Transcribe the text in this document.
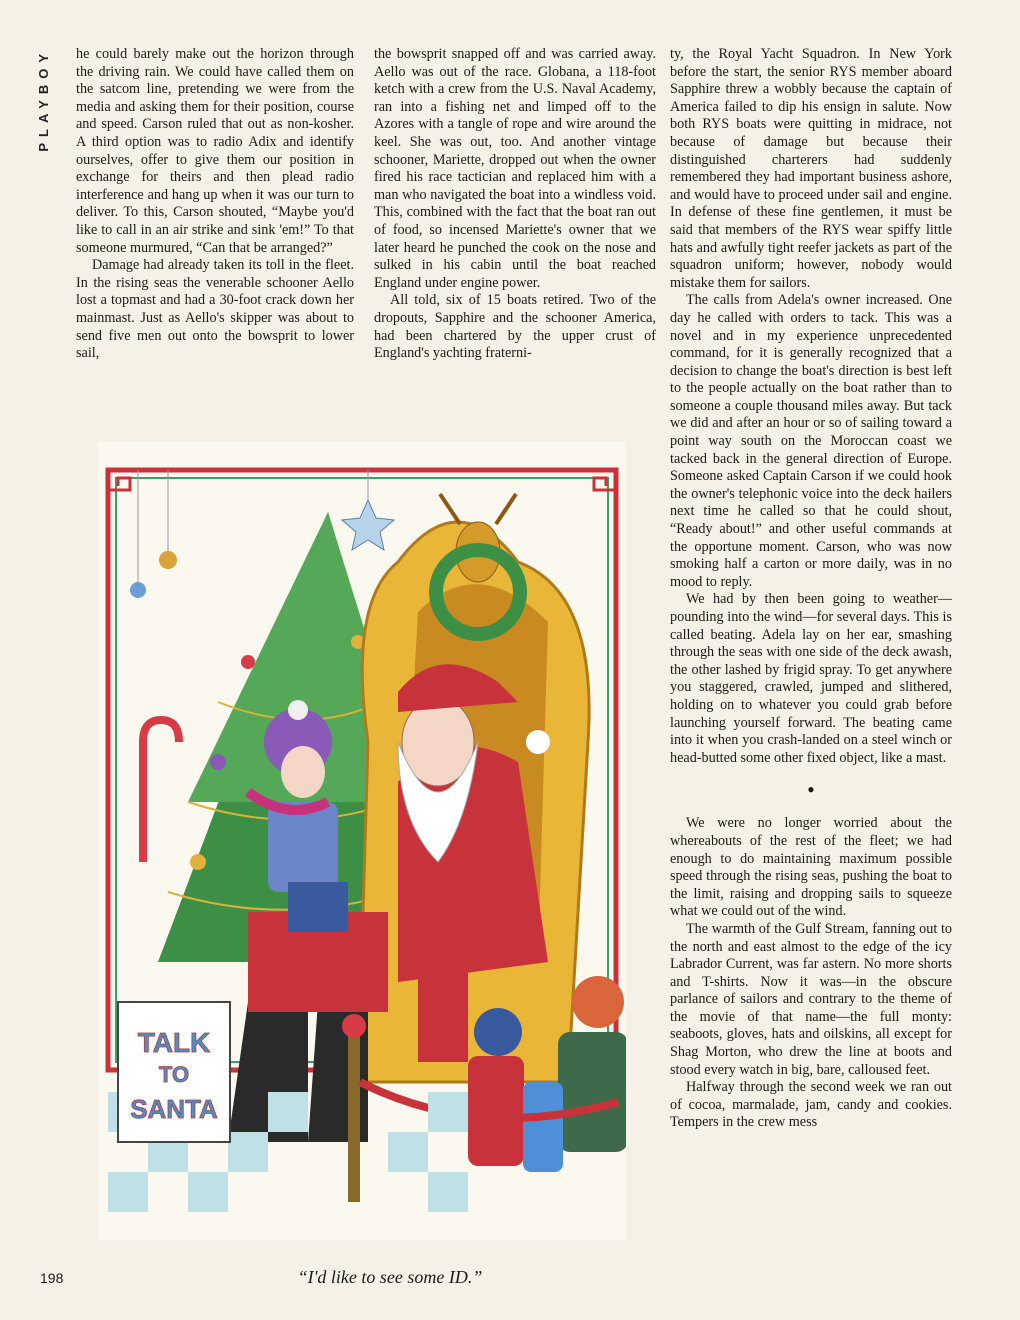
PLAYBOY	he could barely make out the horizon through the driving rain. We could have called them on the satcom line, pretending we were from the media and asking them for their position, course and speed. Carson ruled that out as non-kosher. A third option was to radio Adix and identify ourselves, offer to give them our position in exchange for theirs and then plead radio interference and hang up when it was our turn to deliver. To this, Carson shouted, “Maybe you'd like to call in an air strike and sink 'em!” To that someone murmured, “Can that be arranged?”

Damage had already taken its toll in the fleet. In the rising seas the venerable schooner Aello lost a topmast and had a 30-foot crack down her mainmast. Just as Aello's skipper was about to send five men out onto the bowsprit to lower sail,

the bowsprit snapped off and was carried away. Aello was out of the race. Globana, a 118-foot ketch with a crew from the U.S. Naval Academy, ran into a fishing net and limped off to the Azores with a tangle of rope and wire around the keel. She was out, too. And another vintage schooner, Mariette, dropped out when the owner fired his race tactician and replaced him with a man who navigated the boat into a windless void. This, combined with the fact that the boat ran out of food, so incensed Mariette's owner that we later heard he punched the cook on the nose and sulked in his cabin until the boat reached England under engine power.

All told, six of 15 boats retired. Two of the dropouts, Sapphire and the schooner America, had been chartered by the upper crust of England's yachting fraterni-

ty, the Royal Yacht Squadron. In New York before the start, the senior RYS member aboard Sapphire threw a wobbly because the captain of America failed to dip his ensign in salute. Now both RYS boats were quitting in midrace, not because of damage but because their distinguished charterers had suddenly remembered they had important business ashore, and would have to proceed under sail and engine. In defense of these fine gentlemen, it must be said that members of the RYS wear spiffy little hats and awfully tight reefer jackets as part of the squadron uniform; however, nobody would mistake them for sailors.

The calls from Adela's owner increased. One day he called with orders to tack. This was a novel and in my experience unprecedented command, for it is generally recognized that a decision to change the boat's direction is best left to the people actually on the boat rather than to someone a couple thousand miles away. But tack we did and after an hour or so of sailing toward a point way south on the Moroccan coast we tacked back in the general direction of Europe. Someone asked Captain Carson if we could hook the owner's telephonic voice into the deck hailers next time he called so that he could shout, “Ready about!” and other useful commands at the opportune moment. Carson, who was now smoking half a carton or more daily, was in no mood to reply.

We had by then been going to weather—pounding into the wind—for several days. This is called beating. Adela lay on her ear, smashing through the seas with one side of the deck awash, the other lashed by frigid spray. To get anywhere you staggered, crawled, jumped and slithered, holding on to whatever you could grab before launching yourself forward. The beating came into it when you crash-landed on a steel winch or head-butted some other fixed object, like a mast.

•

We were no longer worried about the whereabouts of the rest of the fleet; we had enough to do maintaining maximum possible speed through the rising seas, pushing the boat to the limit, raising and dropping sails to squeeze what we could out of the wind.

The warmth of the Gulf Stream, fanning out to the north and east almost to the edge of the icy Labrador Current, was far astern. No more shorts and T-shirts. Now it was—in the obscure parlance of sailors and contrary to the theme of the movie of that name—the full monty: seaboots, gloves, hats and oilskins, all except for Shag Morton, who drew the line at boots and stood every watch in big, bare, calloused feet.

Halfway through the second week we ran out of cocoa, marmalade, jam, candy and cookies. Tempers in the crew mess

TALK
TO
SANTA
198	“I'd like to see some ID.”
